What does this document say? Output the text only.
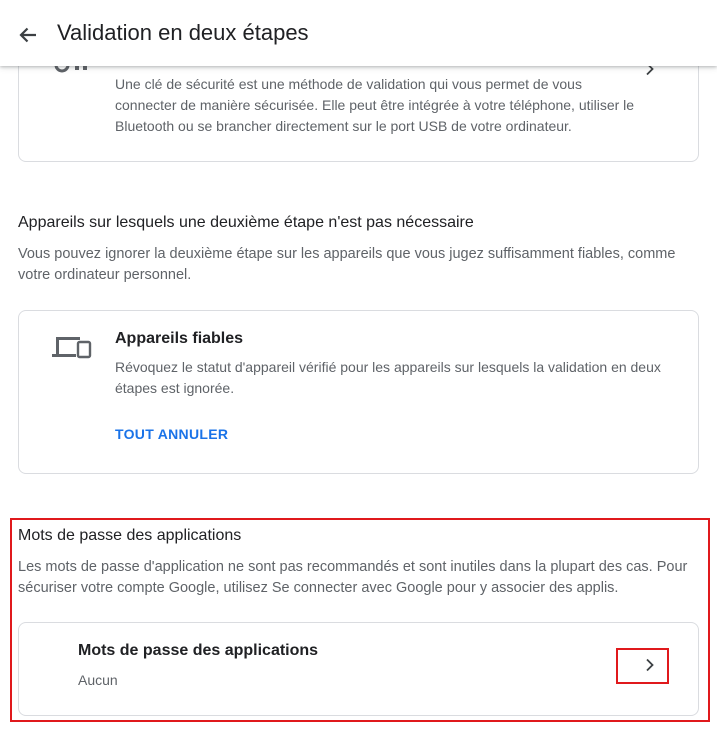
Une clé de sécurité est une méthode de validation qui vous permet de vous connecter de manière sécurisée. Elle peut être intégrée à votre téléphone, utiliser le Bluetooth ou se brancher directement sur le port USB de votre ordinateur.
Validation en deux étapes
Appareils sur lesquels une deuxième étape n'est pas nécessaire
Vous pouvez ignorer la deuxième étape sur les appareils que vous jugez suffisamment fiables, comme votre ordinateur personnel.
Appareils fiables
Révoquez le statut d'appareil vérifié pour les appareils sur lesquels la validation en deux étapes est ignorée.
TOUT ANNULER
Mots de passe des applications
Les mots de passe d'application ne sont pas recommandés et sont inutiles dans la plupart des cas. Pour sécuriser votre compte Google, utilisez Se connecter avec Google pour y associer des applis.
Mots de passe des applications
Aucun
